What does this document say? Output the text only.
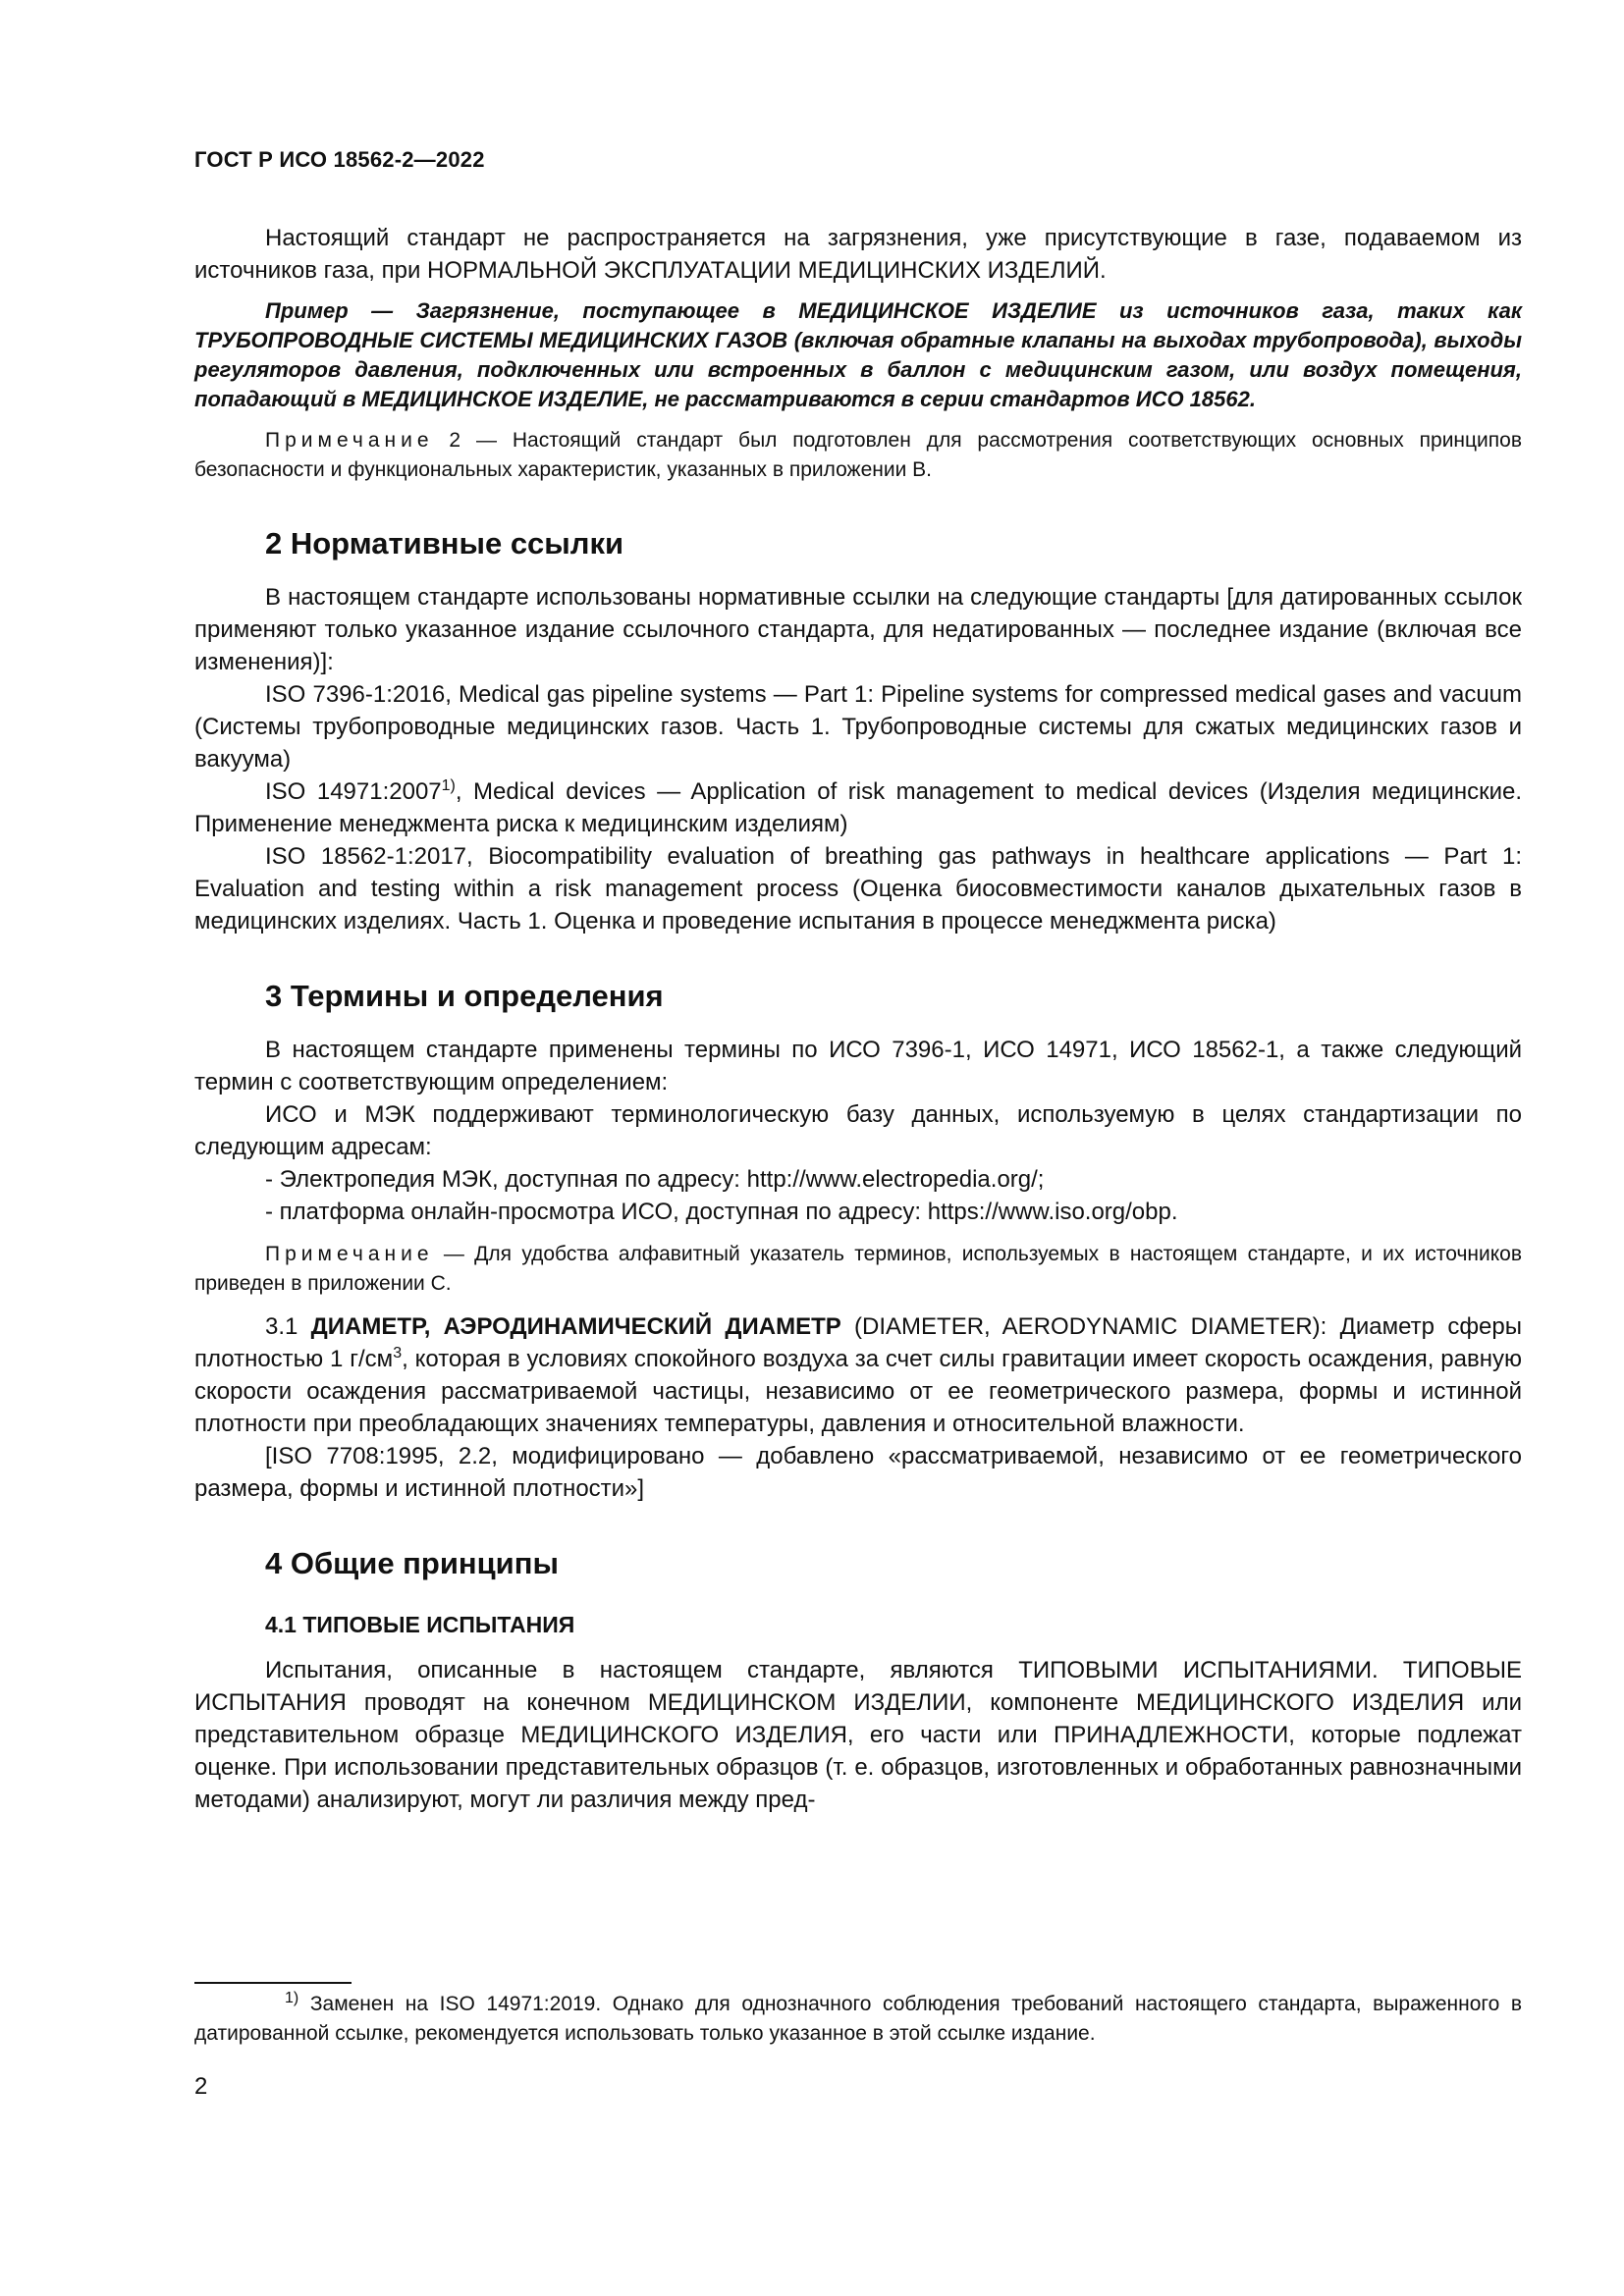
ГОСТ Р ИСО 18562-2—2022

Настоящий стандарт не распространяется на загрязнения, уже присутствующие в газе, подаваемом из источников газа, при НОРМАЛЬНОЙ ЭКСПЛУАТАЦИИ МЕДИЦИНСКИХ ИЗДЕЛИЙ.

Пример — Загрязнение, поступающее в МЕДИЦИНСКОЕ ИЗДЕЛИЕ из источников газа, таких как ТРУБОПРОВОДНЫЕ СИСТЕМЫ МЕДИЦИНСКИХ ГАЗОВ (включая обратные клапаны на выходах трубопровода), выходы регуляторов давления, подключенных или встроенных в баллон с медицинским газом, или воздух помещения, попадающий в МЕДИЦИНСКОЕ ИЗДЕЛИЕ, не рассматриваются в серии стандартов ИСО 18562.

Примечание 2 — Настоящий стандарт был подготовлен для рассмотрения соответствующих основных принципов безопасности и функциональных характеристик, указанных в приложении В.

2 Нормативные ссылки

В настоящем стандарте использованы нормативные ссылки на следующие стандарты [для датированных ссылок применяют только указанное издание ссылочного стандарта, для недатированных — последнее издание (включая все изменения)]:

ISO 7396-1:2016, Medical gas pipeline systems — Part 1: Pipeline systems for compressed medical gases and vacuum (Системы трубопроводные медицинских газов. Часть 1. Трубопроводные системы для сжатых медицинских газов и вакуума)

ISO 14971:2007$^{1)}$, Medical devices — Application of risk management to medical devices (Изделия медицинские. Применение менеджмента риска к медицинским изделиям)

ISO 18562-1:2017, Biocompatibility evaluation of breathing gas pathways in healthcare applications — Part 1: Evaluation and testing within a risk management process (Оценка биосовместимости каналов дыхательных газов в медицинских изделиях. Часть 1. Оценка и проведение испытания в процессе менеджмента риска)

3 Термины и определения

В настоящем стандарте применены термины по ИСО 7396-1, ИСО 14971, ИСО 18562-1, а также следующий термин с соответствующим определением:

ИСО и МЭК поддерживают терминологическую базу данных, используемую в целях стандартизации по следующим адресам:

- Электропедия МЭК, доступная по адресу: http://www.electropedia.org/;
- платформа онлайн-просмотра ИСО, доступная по адресу: https://www.iso.org/obp.

Примечание — Для удобства алфавитный указатель терминов, используемых в настоящем стандарте, и их источников приведен в приложении С.

3.1 ДИАМЕТР, АЭРОДИНАМИЧЕСКИЙ ДИАМЕТР (DIAMETER, AERODYNAMIC DIAMETER): Диаметр сферы плотностью 1 $г/см^3$, которая в условиях спокойного воздуха за счет силы гравитации имеет скорость осаждения, равную скорости осаждения рассматриваемой частицы, независимо от ее геометрического размера, формы и истинной плотности при преобладающих значениях температуры, давления и относительной влажности.

[ISO 7708:1995, 2.2, модифицировано — добавлено «рассматриваемой, независимо от ее геометрического размера, формы и истинной плотности»]

4 Общие принципы
4.1 ТИПОВЫЕ ИСПЫТАНИЯ

Испытания, описанные в настоящем стандарте, являются ТИПОВЫМИ ИСПЫТАНИЯМИ. ТИПОВЫЕ ИСПЫТАНИЯ проводят на конечном МЕДИЦИНСКОМ ИЗДЕЛИИ, компоненте МЕДИЦИНСКОГО ИЗДЕЛИЯ или представительном образце МЕДИЦИНСКОГО ИЗДЕЛИЯ, его части или ПРИНАДЛЕЖНОСТИ, которые подлежат оценке. При использовании представительных образцов (т. е. образцов, изготовленных и обработанных равнозначными методами) анализируют, могут ли различия между пред-

$^{1)}$ Заменен на ISO 14971:2019. Однако для однозначного соблюдения требований настоящего стандарта, выраженного в датированной ссылке, рекомендуется использовать только указанное в этой ссылке издание.
2
